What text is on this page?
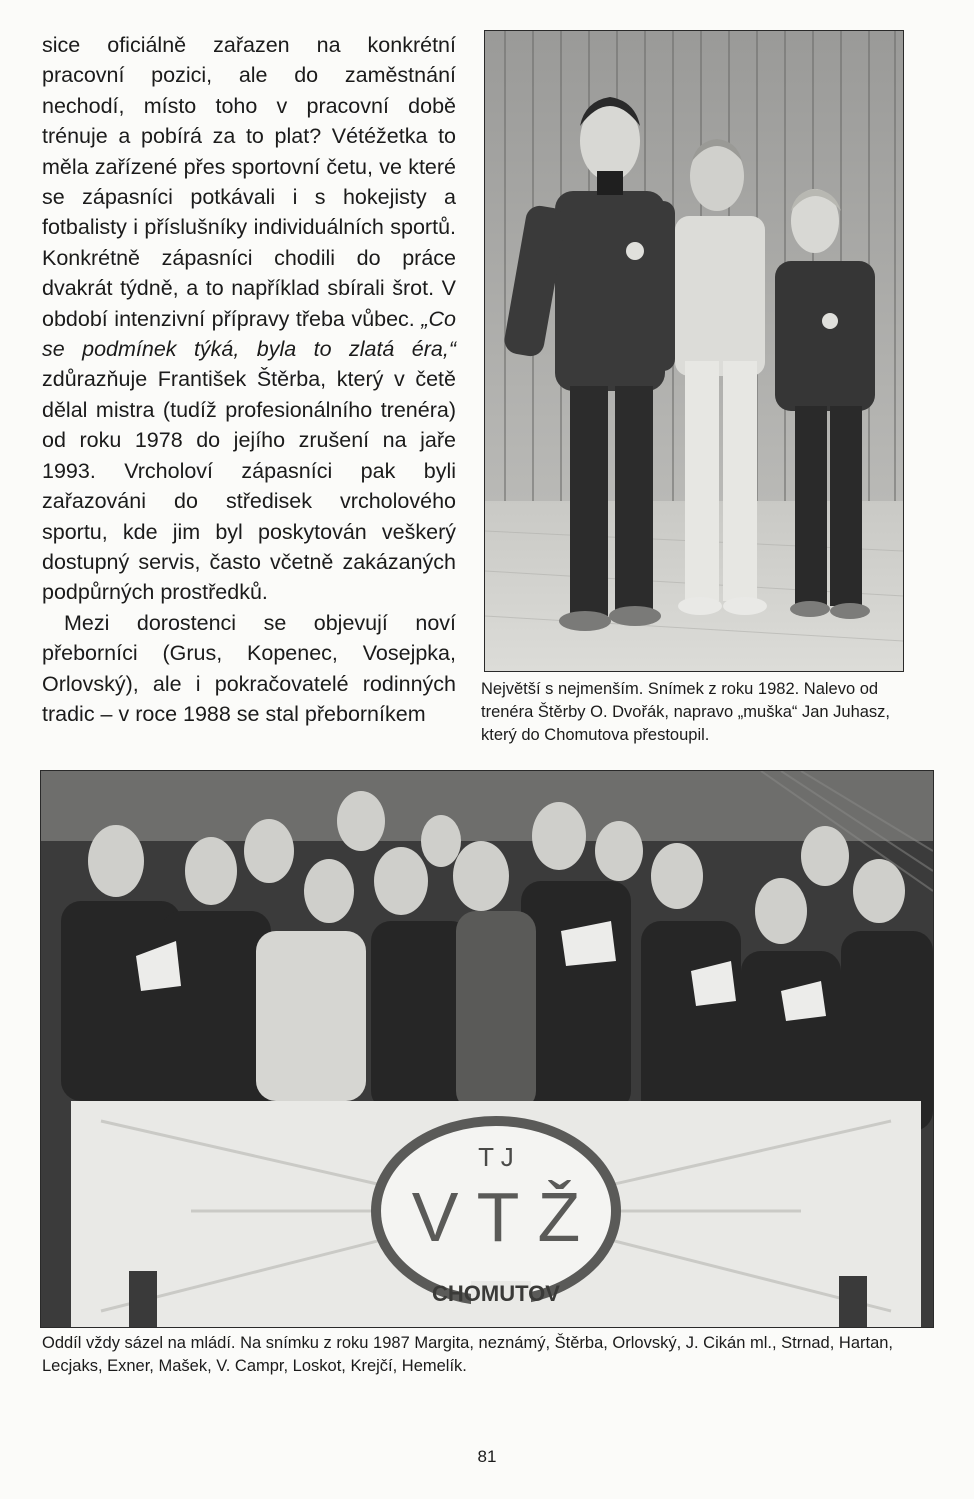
sice oficiálně zařazen na konkrétní pracovní pozici, ale do zaměstnání nechodí, místo toho v pracovní době trénuje a pobírá za to plat? Vétéžetka to měla zařízené přes sportovní četu, ve které se zápasníci potkávali i s hokejisty a fotbalisty i příslušníky individuálních sportů. Konkrétně zápasníci chodili do práce dvakrát týdně, a to například sbírali šrot. V období intenzivní přípravy třeba vůbec. „Co se podmínek týká, byla to zlatá éra,“ zdůrazňuje František Štěrba, který v četě dělal mistra (tudíž profesionálního trenéra) od roku 1978 do jejího zrušení na jaře 1993. Vrcholoví zápasníci pak byli zařazováni do středisek vrcholového sportu, kde jim byl poskytován veškerý dostupný servis, často včetně zakázaných podpůrných prostředků.

Mezi dorostenci se objevují noví přeborníci (Grus, Kopenec, Vosejpka, Orlovský), ale i pokračovatelé rodinných tradic – v roce 1988 se stal přeborníkem

Největší s nejmenším. Snímek z roku 1982. Nalevo od trenéra Štěrby O. Dvořák, napravo „muška“ Jan Juhasz, který do Chomutova přestoupil.
T J
V T Ž
CHOMUTOV
Oddíl vždy sázel na mládí. Na snímku z roku 1987 Margita, neznámý, Štěrba, Orlovský, J. Cikán ml., Strnad, Hartan, Lecjaks, Exner, Mašek, V. Campr, Loskot, Krejčí, Hemelík.
81
